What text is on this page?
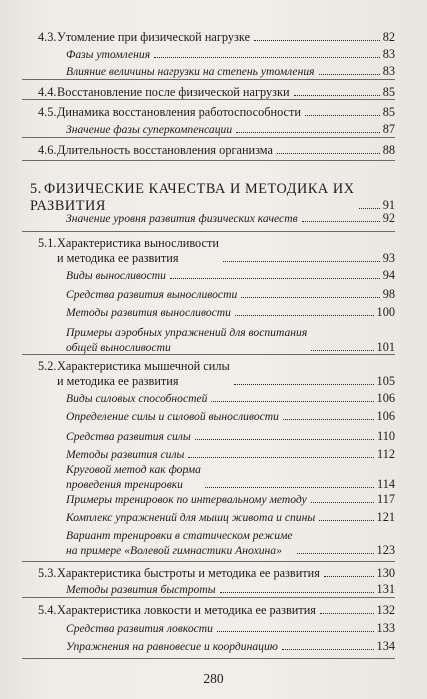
4.3.Утомление при физической нагрузке	82
Фазы утомления	83
Влияние величины нагрузки на степень утомления	83
4.4.Восстановление после физической нагрузки	85
4.5.Динамика восстановления работоспособности	85
Значение фазы суперкомпенсации	87
4.6.Длительность восстановления организма	88
5. ФИЗИЧЕСКИЕ КАЧЕСТВА И МЕТОДИКА ИХ
РАЗВИТИЯ	91
Значение уровня развития физических качеств	92
5.1.Характеристика выносливости
и методика ее развития	93
Виды выносливости	94
Средства развития выносливости	98
Методы развития выносливости	100
Примеры аэробных упражнений для воспитания
общей выносливости	101
5.2.Характеристика мышечной силы
и методика ее развития	105
Виды силовых способностей	106
Определение силы и силовой выносливости	106
Средства развития силы	110
Методы развития силы	112
Круговой метод как форма
проведения тренировки	114
Примеры тренировок по интервальному методу	117
Комплекс упражнений для мышц живота и спины	121
Вариант тренировки в статическом режиме
на примере «Волевой гимнастики Анохина»	123
5.3.Характеристика быстроты и методика ее развития	130
Методы развития быстроты	131
5.4.Характеристика ловкости и методика ее развития	132
Средства развития ловкости	133
Упражнения на равновесие и координацию	134
280
